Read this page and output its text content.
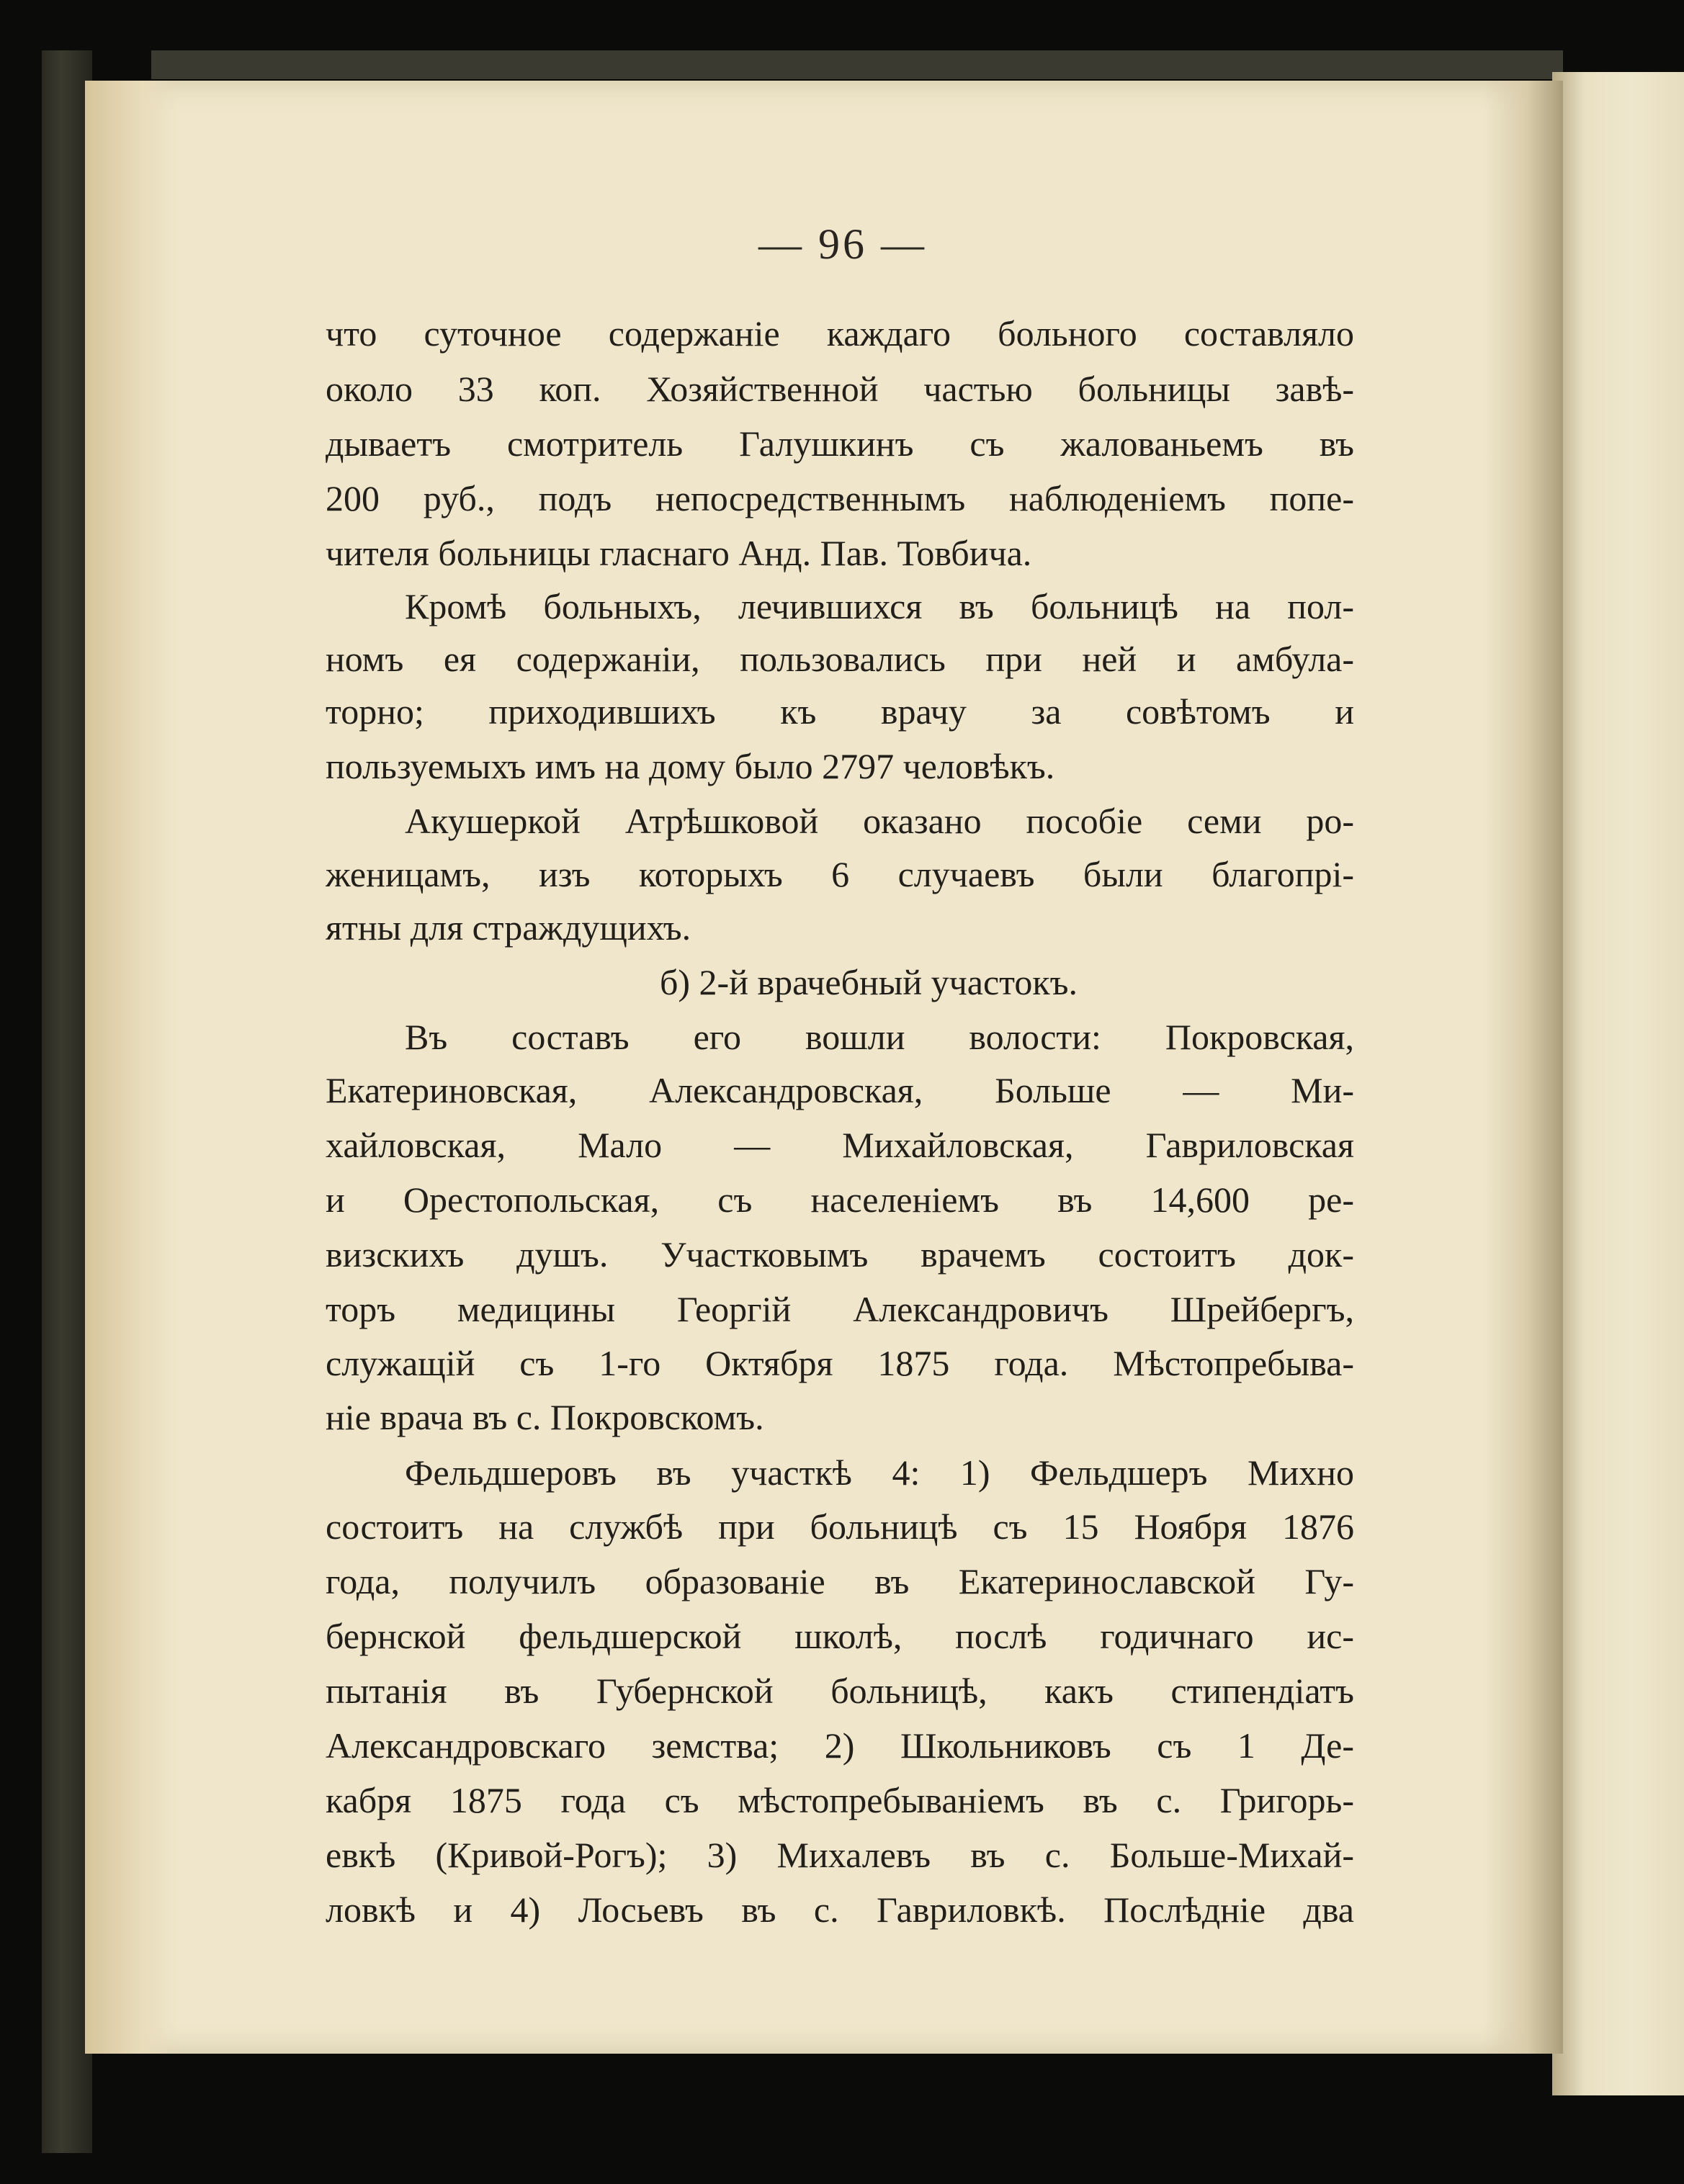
— 96 —
что суточное содержаніе каждаго больного составляло
около 33 коп. Хозяйственной частью больницы завѣ-
дываетъ смотритель Галушкинъ съ жалованьемъ въ
200 руб., подъ непосредственнымъ наблюденіемъ попе-
чителя больницы гласнаго Анд. Пав. Товбича.
Кромѣ больныхъ, лечившихся въ больницѣ на пол-
номъ ея содержаніи, пользовались при ней и амбула-
торно; приходившихъ къ врачу за совѣтомъ и
пользуемыхъ имъ на дому было 2797 человѣкъ.
Акушеркой Атрѣшковой оказано пособіе семи ро-
женицамъ, изъ которыхъ 6 случаевъ были благопрі-
ятны для страждущихъ.
б) 2-й врачебный участокъ.
Въ составъ его вошли волости: Покровская,
Екатериновская, Александровская, Больше — Ми-
хайловская, Мало — Михайловская, Гавриловская
и Орестопольская, съ населеніемъ въ 14,600 ре-
визскихъ душъ. Участковымъ врачемъ состоитъ док-
торъ медицины Георгій Александровичъ Шрейбергъ,
служащій съ 1-го Октября 1875 года. Мѣстопребыва-
ніе врача въ с. Покровскомъ.
Фельдшеровъ въ участкѣ 4: 1) Фельдшеръ Михно
состоитъ на службѣ при больницѣ съ 15 Ноября 1876
года, получилъ образованіе въ Екатеринославской Гу-
бернской фельдшерской школѣ, послѣ годичнаго ис-
пытанія въ Губернской больницѣ, какъ стипендіатъ
Александровскаго земства; 2) Школьниковъ съ 1 Де-
кабря 1875 года съ мѣстопребываніемъ въ с. Григорь-
евкѣ (Кривой-Рогъ); 3) Михалевъ въ с. Больше-Михай-
ловкѣ и 4) Лосьевъ въ с. Гавриловкѣ. Послѣдніе два
